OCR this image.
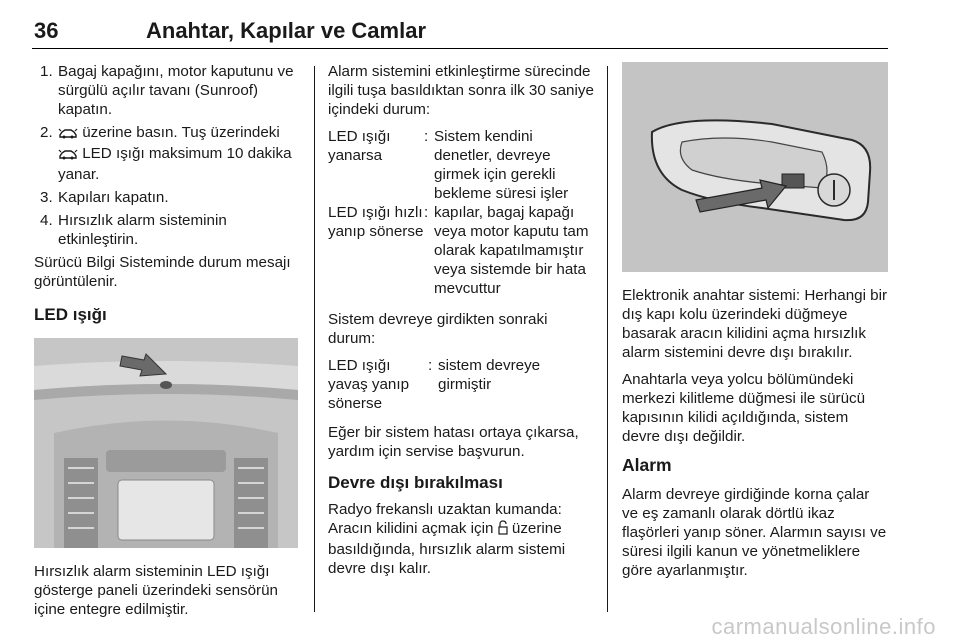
36	Anahtar, Kapılar ve Camlar
1. Bagaj kapağını, motor kaputunu ve sürgülü açılır tavanı (Sunroof) kapatın.
2. üzerine basın. Tuş üzerindeki  LED ışığı maksimum 10 dakika yanar.
3. Kapıları kapatın.
4. Hırsızlık alarm sisteminin etkinleştirin.

Sürücü Bilgi Sisteminde durum mesajı görüntülenir.

LED ışığı

Hırsızlık alarm sisteminin LED ışığı gösterge paneli üzerindeki sensörün içine entegre edilmiştir.

Alarm sistemini etkinleştirme sürecinde ilgili tuşa basıldıktan sonra ilk 30 saniye içindeki durum:

LED ışığı yanarsa
: Sistem kendini denetler, devreye girmek için gerekli bekleme süresi işler
LED ışığı hızlı yanıp sönerse
: kapılar, bagaj kapağı veya motor kaputu tam olarak kapatılmamıştır veya sistemde bir hata mevcuttur

Sistem devreye girdikten sonraki durum:

LED ışığı yavaş yanıp sönerse
: sistem devreye girmiştir

Eğer bir sistem hatası ortaya çıkarsa, yardım için servise başvurun.

Devre dışı bırakılması

Radyo frekanslı uzaktan kumanda: Aracın kilidini açmak için  üzerine basıldığında, hırsızlık alarm sistemi devre dışı kalır.

Elektronik anahtar sistemi: Herhangi bir dış kapı kolu üzerindeki düğmeye basarak aracın kilidini açma hırsızlık alarm sistemini devre dışı bırakılır.

Anahtarla veya yolcu bölümündeki merkezi kilitleme düğmesi ile sürücü kapısının kilidi açıldığında, sistem devre dışı değildir.

Alarm

Alarm devreye girdiğinde korna çalar ve eş zamanlı olarak dörtlü ikaz flaşörleri yanıp söner. Alarmın sayısı ve süresi ilgili kanun ve yönetmeliklere göre ayarlanmıştır.

carmanualsonline.info
